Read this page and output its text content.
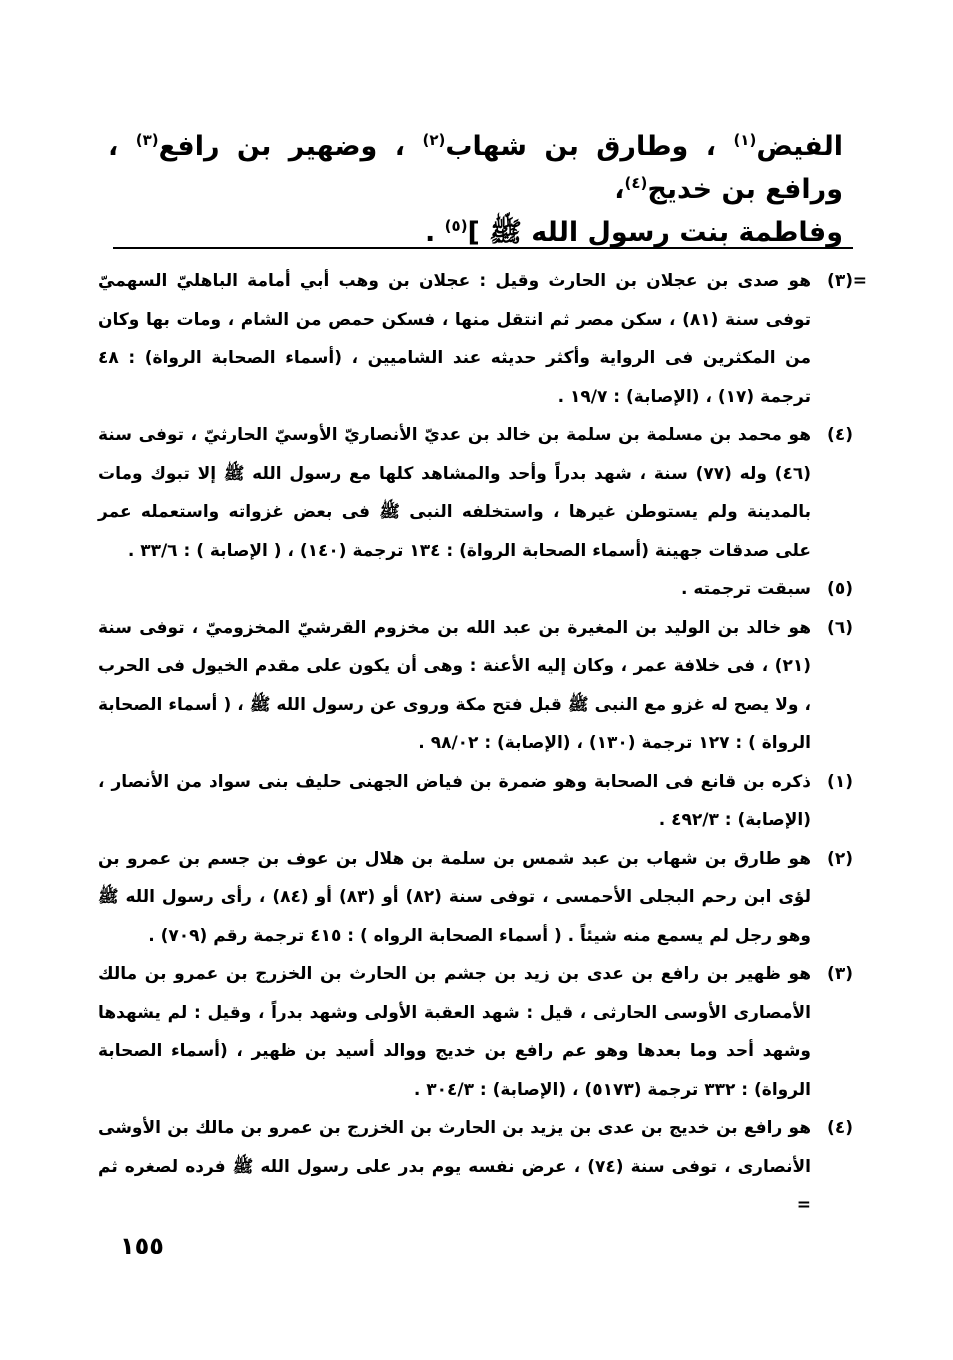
الفيض$^{(١)}$ ، وطارق بن شهاب$^{(٢)}$ ، وضهير بن رافع$^{(٣)}$ ، ورافع بن خديج$^{(٤)}$،
وفاطمة بنت رسول الله ﷺ ]$^{(٥)}$ .
=
(٣)
هو صدى بن عجلان بن الحارث وقيل : عجلان بن وهب أبي أمامة الباهليّ السهميّ توفى سنة (٨١) ، سكن مصر ثم انتقل منها ، فسكن حمص من الشام ، ومات بها وكان من المكثرين فى الرواية وأكثر حديثه عند الشاميين ، (أسماء الصحابة الرواة) : ٤٨ ترجمة (١٧) ، (الإصابة) : ١٩/٧ .
(٤)
هو محمد بن مسلمة بن سلمة بن خالد بن عديّ الأنصاريّ الأوسيّ الحارثيّ ، توفى سنة (٤٦) وله (٧٧) سنة ، شهد بدراً وأحد والمشاهد كلها مع رسول الله ﷺ إلا تبوك ومات بالمدينة ولم يستوطن غيرها ، واستخلفه النبى ﷺ فى بعض غزواته واستعمله عمر على صدقات جهينة (أسماء الصحابة الرواة) : ١٣٤ ترجمة (١٤٠) ، ( الإصابة ) : ٣٣/٦ .
(٥)
سبقت ترجمته .
(٦)
هو خالد بن الوليد بن المغيرة بن عبد الله بن مخزوم القرشيّ المخزوميّ ، توفى سنة (٢١) ، فى خلافة عمر ، وكان إليه الأعنة : وهى أن يكون على مقدم الخيول فى الحرب ، ولا يصح له غزو مع النبى ﷺ قبل فتح مكة وروى عن رسول الله ﷺ ، ( أسماء الصحابة الرواة ) : ١٢٧ ترجمة (١٣٠) ، (الإصابة) : ٩٨/٠٢ .
(١)
ذكره بن قانع فى الصحابة وهو ضمرة بن فياض الجهنى حليف بنى سواد من الأنصار ، (الإصابة) : ٤٩٢/٣ .
(٢)
هو طارق بن شهاب بن عبد شمس بن سلمة بن هلال بن عوف بن جسم بن عمرو بن لؤى ابن رحم البجلى الأحمسى ، توفى سنة (٨٢) أو (٨٣) أو (٨٤) ، رأى رسول الله ﷺ وهو رجل لم يسمع منه شيئاً . ( أسماء الصحابة الرواه ) : ٤١٥ ترجمة رقم (٧٠٩) .
(٣)
هو ظهير بن رافع بن عدى بن زيد بن جشم بن الحارث بن الخزرج بن عمرو بن مالك الأمصارى الأوسى الحارثى ، قيل : شهد العقبة الأولى وشهد بدراً ، وقيل : لم يشهدها وشهد أحد وما بعدها وهو عم رافع بن خديج ووالد أسيد بن ظهير ، (أسماء الصحابة الرواة) : ٣٣٢ ترجمة (٥١٧٣) ، (الإصابة) : ٣٠٤/٣ .
(٤)
هو رافع بن خديج بن عدى بن يزيد بن الحارث بن الخزرج بن عمرو بن مالك بن الأوشى الأنصارى ، توفى سنة (٧٤) ، عرض نفسه يوم بدر على رسول الله ﷺ فرده لصغره ثم =
١٥٥
